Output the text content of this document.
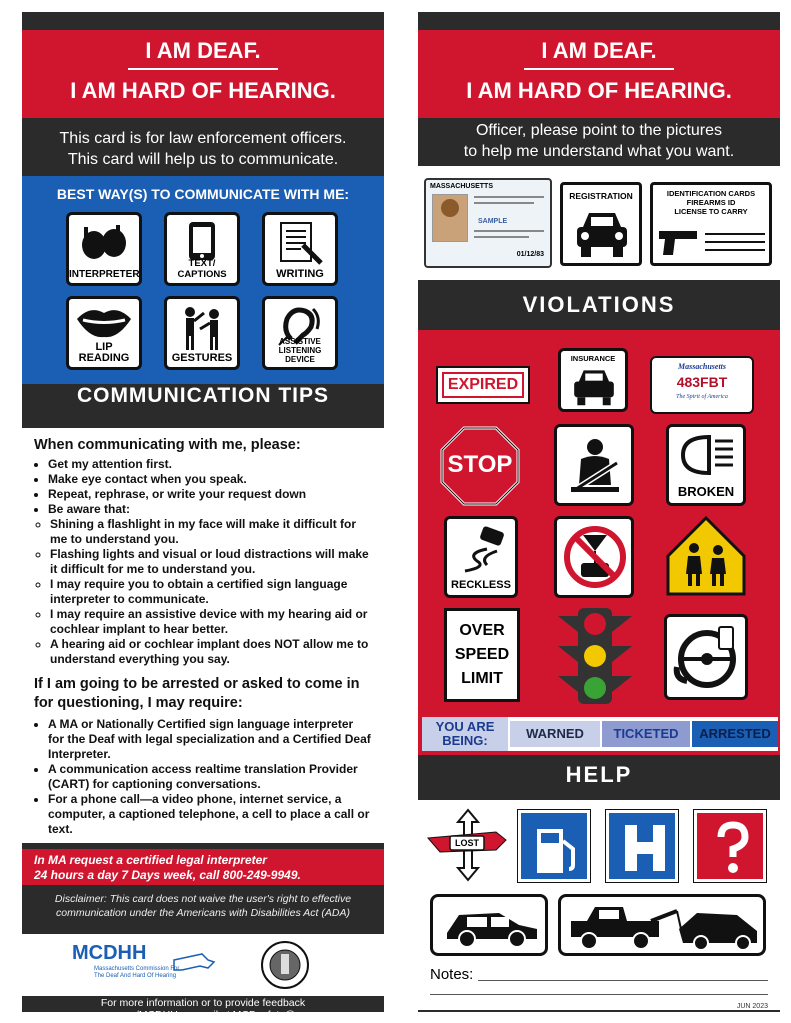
I AM DEAF.
I AM HARD OF HEARING.
This card is for law enforcement officers.
This card will help us to communicate.
BEST WAY(S) TO COMMUNICATE WITH ME:
INTERPRETER
TEXT/ CAPTIONS	WRITING
LIP READING	GESTURES
ASSISTIVE LISTENING DEVICE
COMMUNICATION TIPS
When communicating with me, please:
• Get my attention first.
• Make eye contact when you speak.
• Repeat, rephrase, or write your request down
• Be aware that:
◦ Shining a flashlight in my face will make it difficult for me to understand you.
◦ Flashing lights and visual or loud distractions will make it difficult for me to understand you.
◦ I may require you to obtain a certified sign language interpreter to communicate.
◦ I may require an assistive device with my hearing aid or cochlear implant to hear better.
◦ A hearing aid or cochlear implant does NOT allow me to understand everything you say.
If I am going to be arrested or asked to come in for questioning, I may require:
• A MA or Nationally Certified sign language interpreter for the Deaf with legal specialization and a Certified Deaf Interpreter.
• A communication access realtime translation Provider (CART) for captioning conversations.
• For a phone call—a video phone, internet service, a computer, a captioned telephone, a cell to place a call or text.
In MA request a certified legal interpreter
24 hours a day 7 Days week, call 800-249-9949.
Disclaimer: This card does not waive the user's right to effective communication under the Americans with Disabilities Act (ADA)
MCDHH
Massachusetts Commission For The Deaf And Hard Of Hearing
For more information or to provide feedback
www.mass.gov/MCDHH or email at MCDsafety@mass.gov
I AM DEAF.
I AM HARD OF HEARING.
Officer, please point to the pictures
to help me understand what you want.
MASSACHUSETTS
SAMPLE
01/12/83
REGISTRATION	IDENTIFICATION CARDS
FIREARMS ID
LICENSE TO CARRY
VIOLATIONS
EXPIRED
INSURANCE
Massachusetts
483FBT
The Spirit of America
STOP
BROKEN
RECKLESS
OVER
SPEED
LIMIT
YOU ARE
BEING:	WARNED	TICKETED	ARRESTED
HELP
LOST
Notes:
JUN 2023
